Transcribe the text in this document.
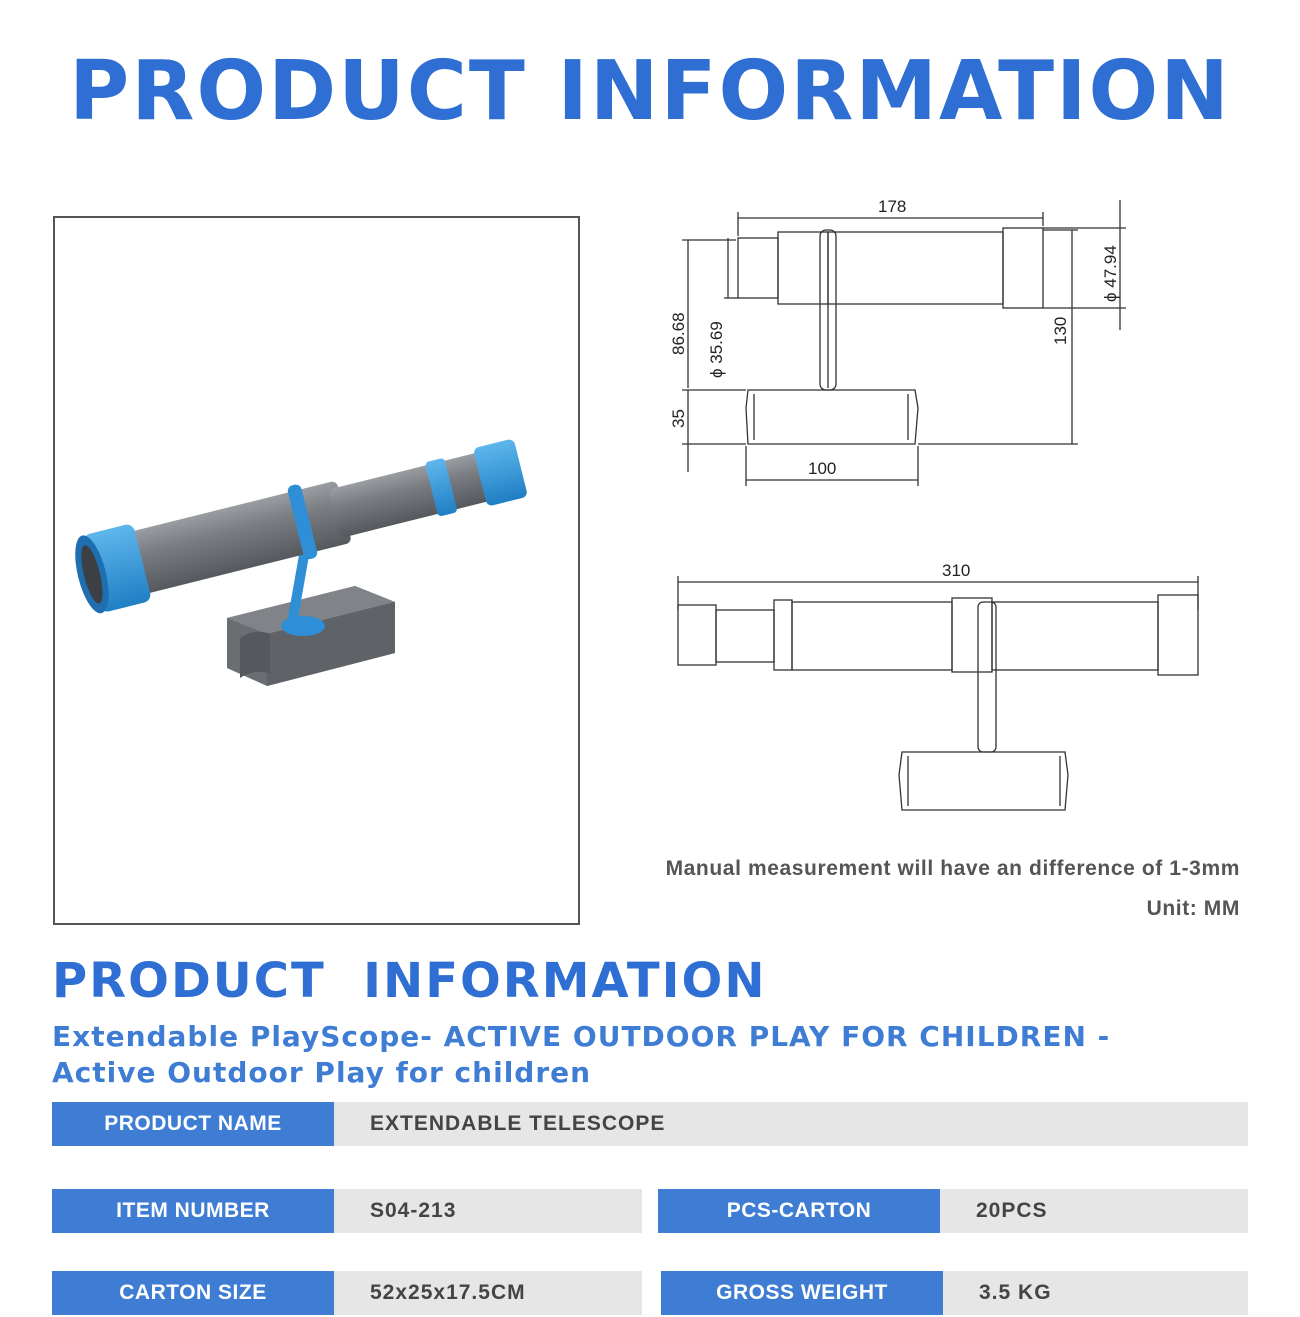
PRODUCT INFORMATION
178
86.68 ϕ 35.69
ϕ 47.94
130
35
100
310
Manual measurement will have an difference of 1-3mm
Unit: MM
PRODUCT  INFORMATION
Extendable PlayScope- ACTIVE OUTDOOR PLAY FOR CHILDREN -
Active Outdoor Play for children
PRODUCT NAME	EXTENDABLE TELESCOPE
ITEM NUMBER	S04-213	PCS-CARTON	20PCS
CARTON SIZE	52x25x17.5CM	GROSS WEIGHT	3.5 KG
